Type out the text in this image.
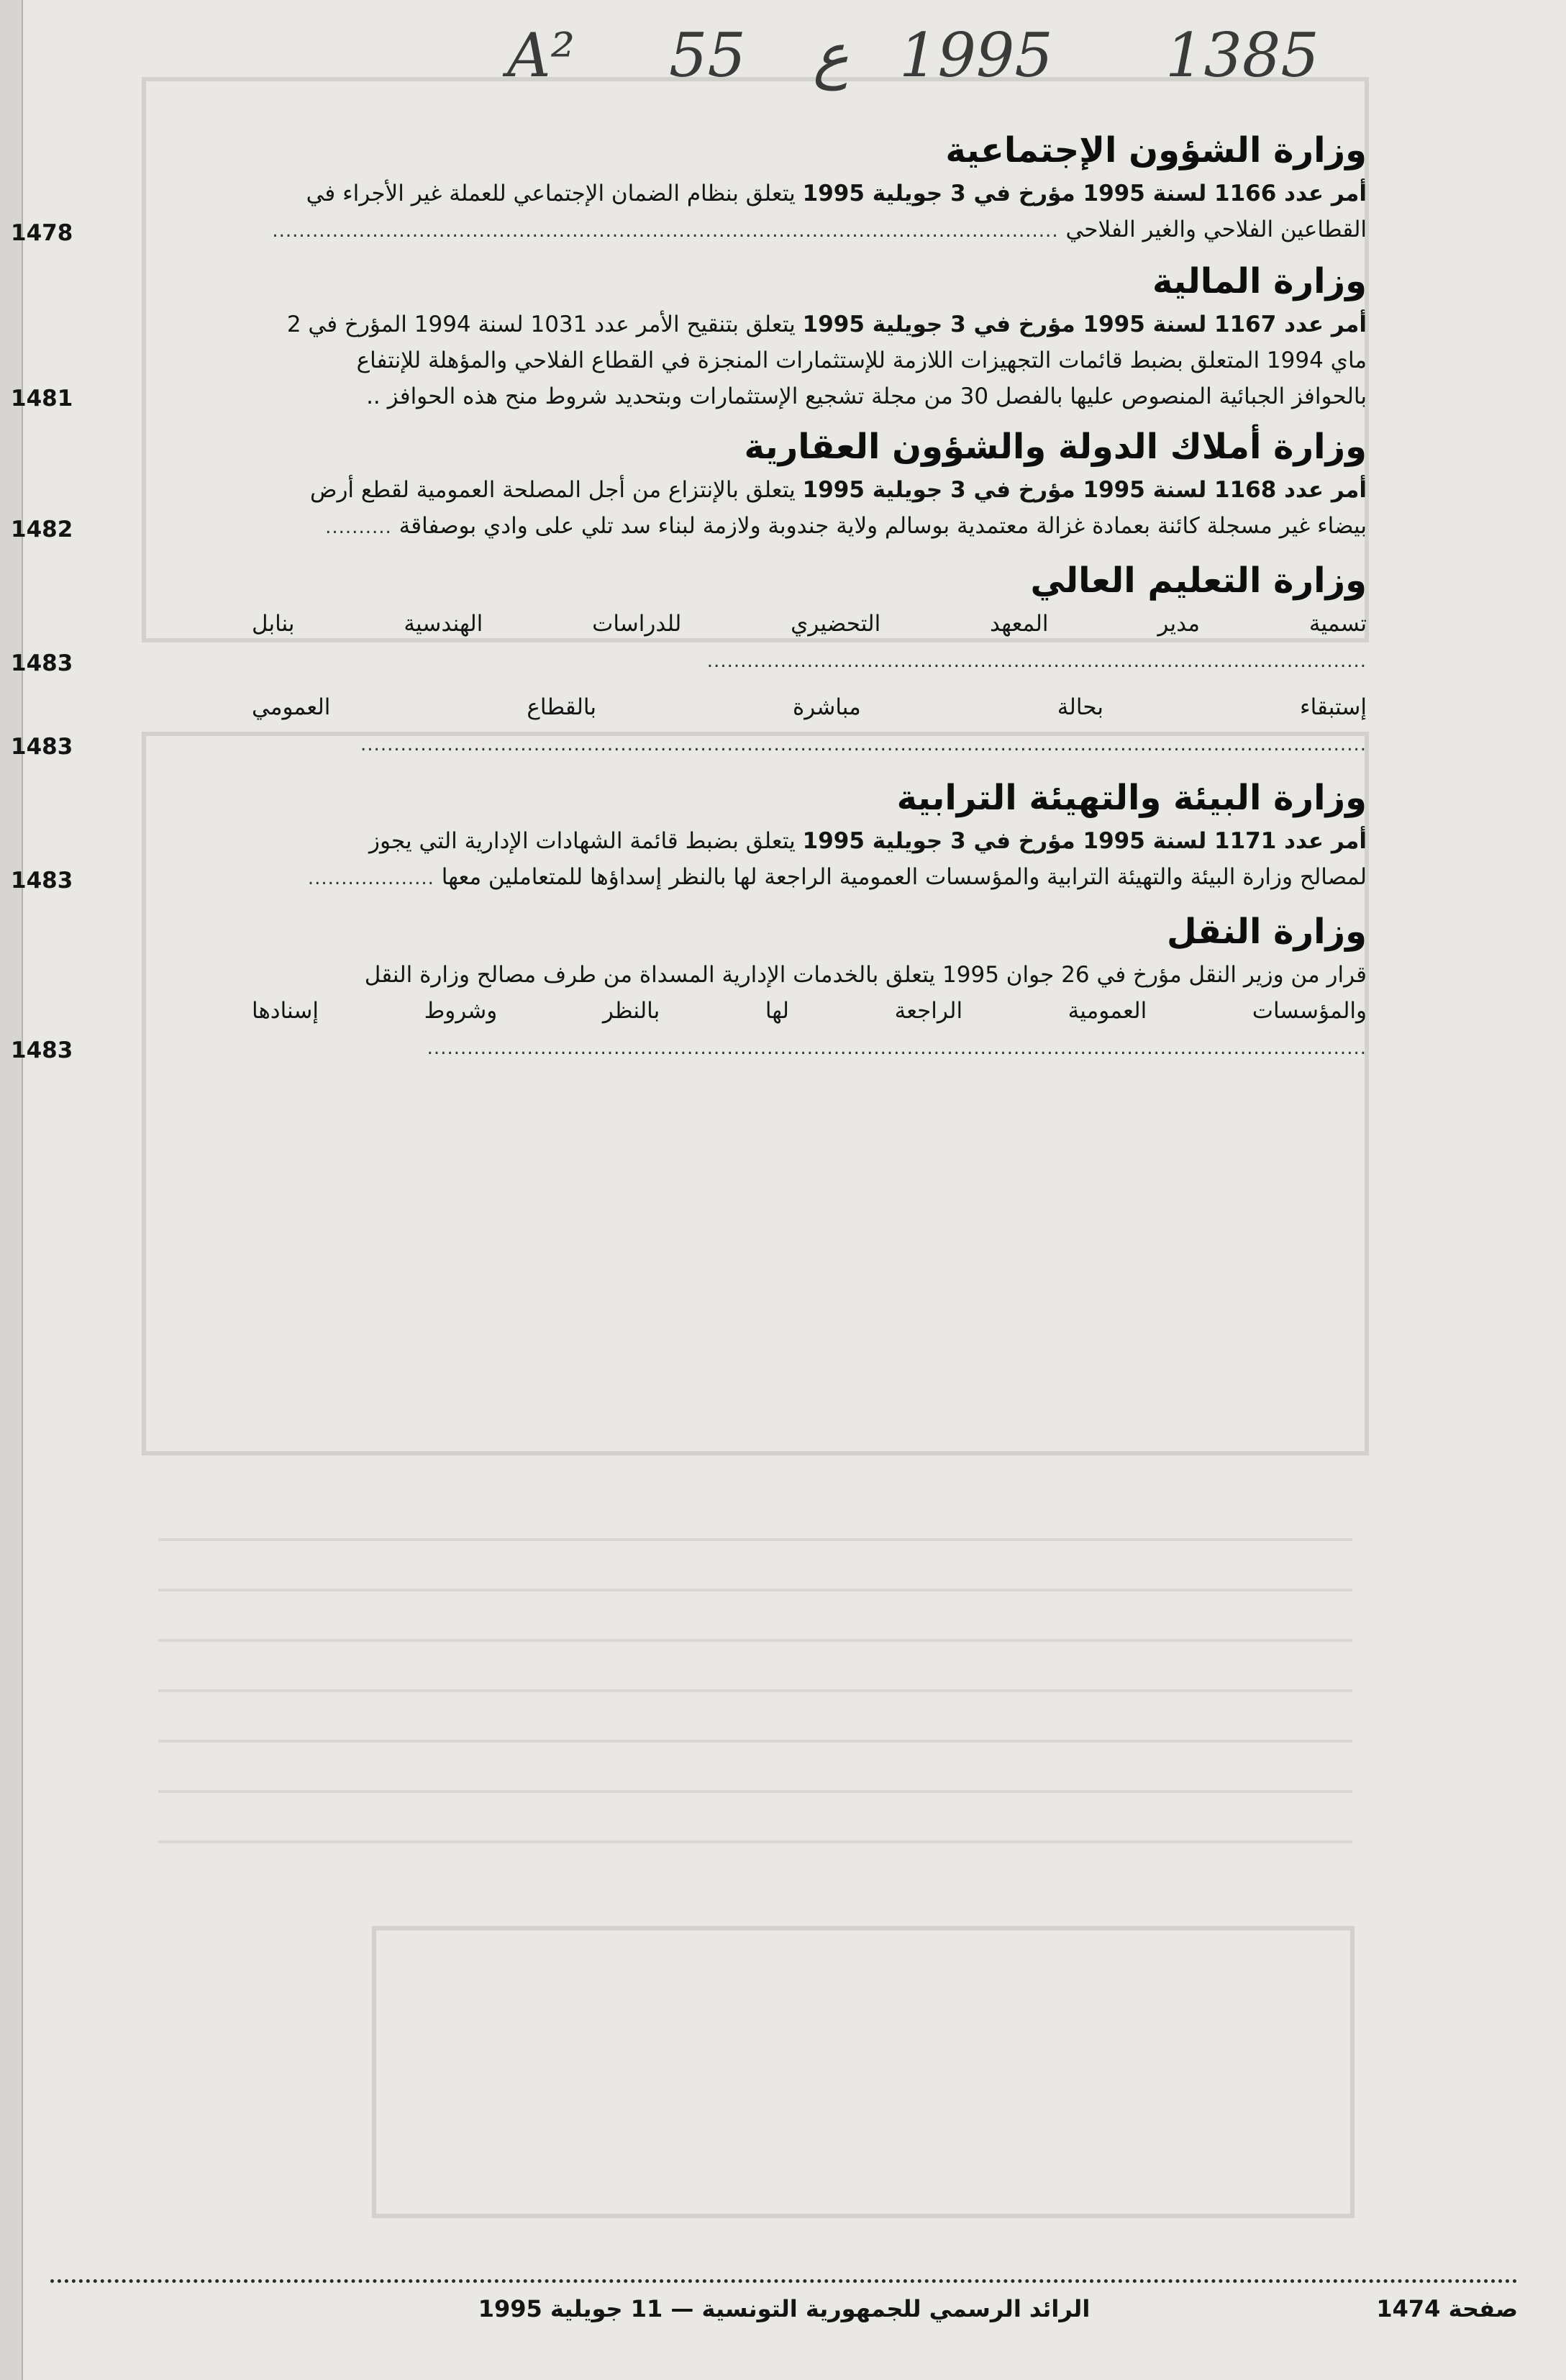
A² 55 ع 1995 1385
وزارة الشؤون الإجتماعية

أمر عدد 1166 لسنة 1995 مؤرخ في 3 جويلية 1995 يتعلق بنظام الضمان الإجتماعي للعملة غير الأجراء في
القطاعين الفلاحي والغير الفلاحي ......................................................................................................................

1478
وزارة المالية

أمر عدد 1167 لسنة 1995 مؤرخ في 3 جويلية 1995 يتعلق بتنقيح الأمر عدد 1031 لسنة 1994 المؤرخ في 2
ماي 1994 المتعلق بضبط قائمات التجهيزات اللازمة للإستثمارات المنجزة في القطاع الفلاحي والمؤهلة للإنتفاع
بالحوافز الجبائية المنصوص عليها بالفصل 30 من مجلة تشجيع الإستثمارات وبتحديد شروط منح هذه الحوافز ..

1481
وزارة أملاك الدولة والشؤون العقارية

أمر عدد 1168 لسنة 1995 مؤرخ في 3 جويلية 1995 يتعلق بالإنتزاع من أجل المصلحة العمومية لقطع أرض
بيضاء غير مسجلة كائنة بعمادة غزالة معتمدية بوسالم ولاية جندوبة ولازمة لبناء سد تلي على وادي بوصفاقة ..........

1482
وزارة التعليم العالي

تسمية مدير المعهد التحضيري للدراسات الهندسية بنابل ...................................................................................................

1483

إستبقاء بحالة مباشرة بالقطاع العمومي .......................................................................................................................................................

1483
وزارة البيئة والتهيئة الترابية

أمر عدد 1171 لسنة 1995 مؤرخ في 3 جويلية 1995 يتعلق بضبط قائمة الشهادات الإدارية التي يجوز
لمصالح وزارة البيئة والتهيئة الترابية والمؤسسات العمومية الراجعة لها بالنظر إسداؤها للمتعاملين معها ...................

1483
وزارة النقل

قرار من وزير النقل مؤرخ في 26 جوان 1995 يتعلق بالخدمات الإدارية المسداة من طرف مصالح وزارة النقل
والمؤسسات العمومية الراجعة لها بالنظر وشروط إسنادها .............................................................................................................................................

1483
صفحة 1474
الرائد الرسمي للجمهورية التونسية — 11 جويلية 1995
